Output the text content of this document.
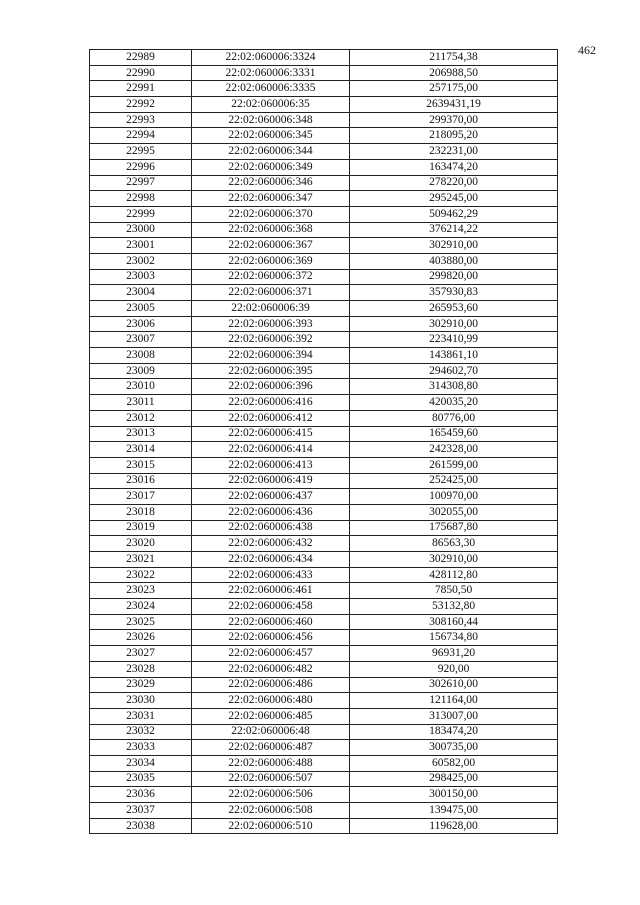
462
22989	22:02:060006:3324	211754,38
22990	22:02:060006:3331	206988,50
22991	22:02:060006:3335	257175,00
22992	22:02:060006:35	2639431,19
22993	22:02:060006:348	299370,00
22994	22:02:060006:345	218095,20
22995	22:02:060006:344	232231,00
22996	22:02:060006:349	163474,20
22997	22:02:060006:346	278220,00
22998	22:02:060006:347	295245,00
22999	22:02:060006:370	509462,29
23000	22:02:060006:368	376214,22
23001	22:02:060006:367	302910,00
23002	22:02:060006:369	403880,00
23003	22:02:060006:372	299820,00
23004	22:02:060006:371	357930,83
23005	22:02:060006:39	265953,60
23006	22:02:060006:393	302910,00
23007	22:02:060006:392	223410,99
23008	22:02:060006:394	143861,10
23009	22:02:060006:395	294602,70
23010	22:02:060006:396	314308,80
23011	22:02:060006:416	420035,20
23012	22:02:060006:412	80776,00
23013	22:02:060006:415	165459,60
23014	22:02:060006:414	242328,00
23015	22:02:060006:413	261599,00
23016	22:02:060006:419	252425,00
23017	22:02:060006:437	100970,00
23018	22:02:060006:436	302055,00
23019	22:02:060006:438	175687,80
23020	22:02:060006:432	86563,30
23021	22:02:060006:434	302910,00
23022	22:02:060006:433	428112,80
23023	22:02:060006:461	7850,50
23024	22:02:060006:458	53132,80
23025	22:02:060006:460	308160,44
23026	22:02:060006:456	156734,80
23027	22:02:060006:457	96931,20
23028	22:02:060006:482	920,00
23029	22:02:060006:486	302610,00
23030	22:02:060006:480	121164,00
23031	22:02:060006:485	313007,00
23032	22:02:060006:48	183474,20
23033	22:02:060006:487	300735,00
23034	22:02:060006:488	60582,00
23035	22:02:060006:507	298425,00
23036	22:02:060006:506	300150,00
23037	22:02:060006:508	139475,00
23038	22:02:060006:510	119628,00
